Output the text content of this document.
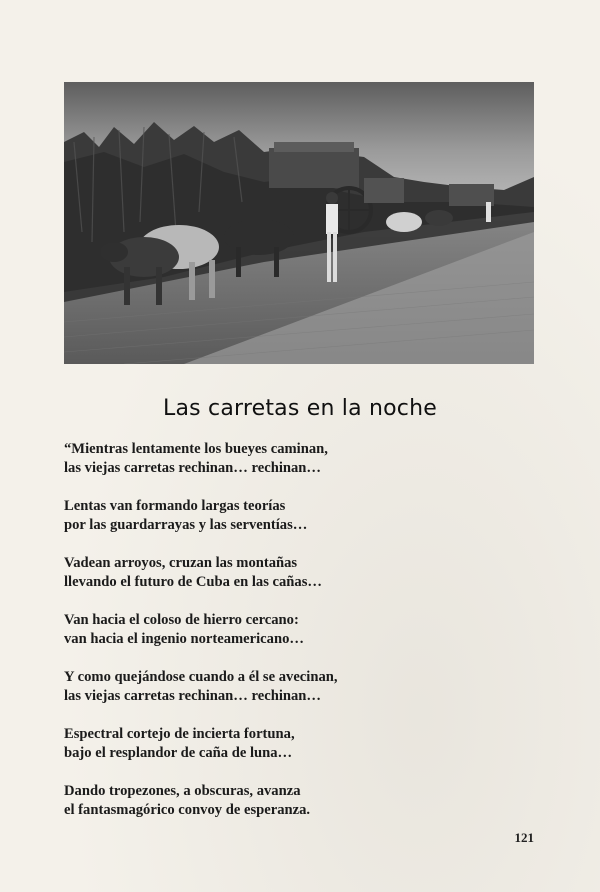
Las carretas en la noche

“Mientras lentamente los bueyes caminan,

las viejas carretas rechinan… rechinan…

Lentas van formando largas teorías

por las guardarrayas y las serventías…

Vadean arroyos, cruzan las montañas

llevando el futuro de Cuba en las cañas…

Van hacia el coloso de hierro cercano:

van hacia el ingenio norteamericano…

Y como quejándose cuando a él se avecinan,

las viejas carretas rechinan… rechinan…

Espectral cortejo de incierta fortuna,

bajo el resplandor de caña de luna…

Dando tropezones, a obscuras, avanza

el fantasmagórico convoy de esperanza.

121
